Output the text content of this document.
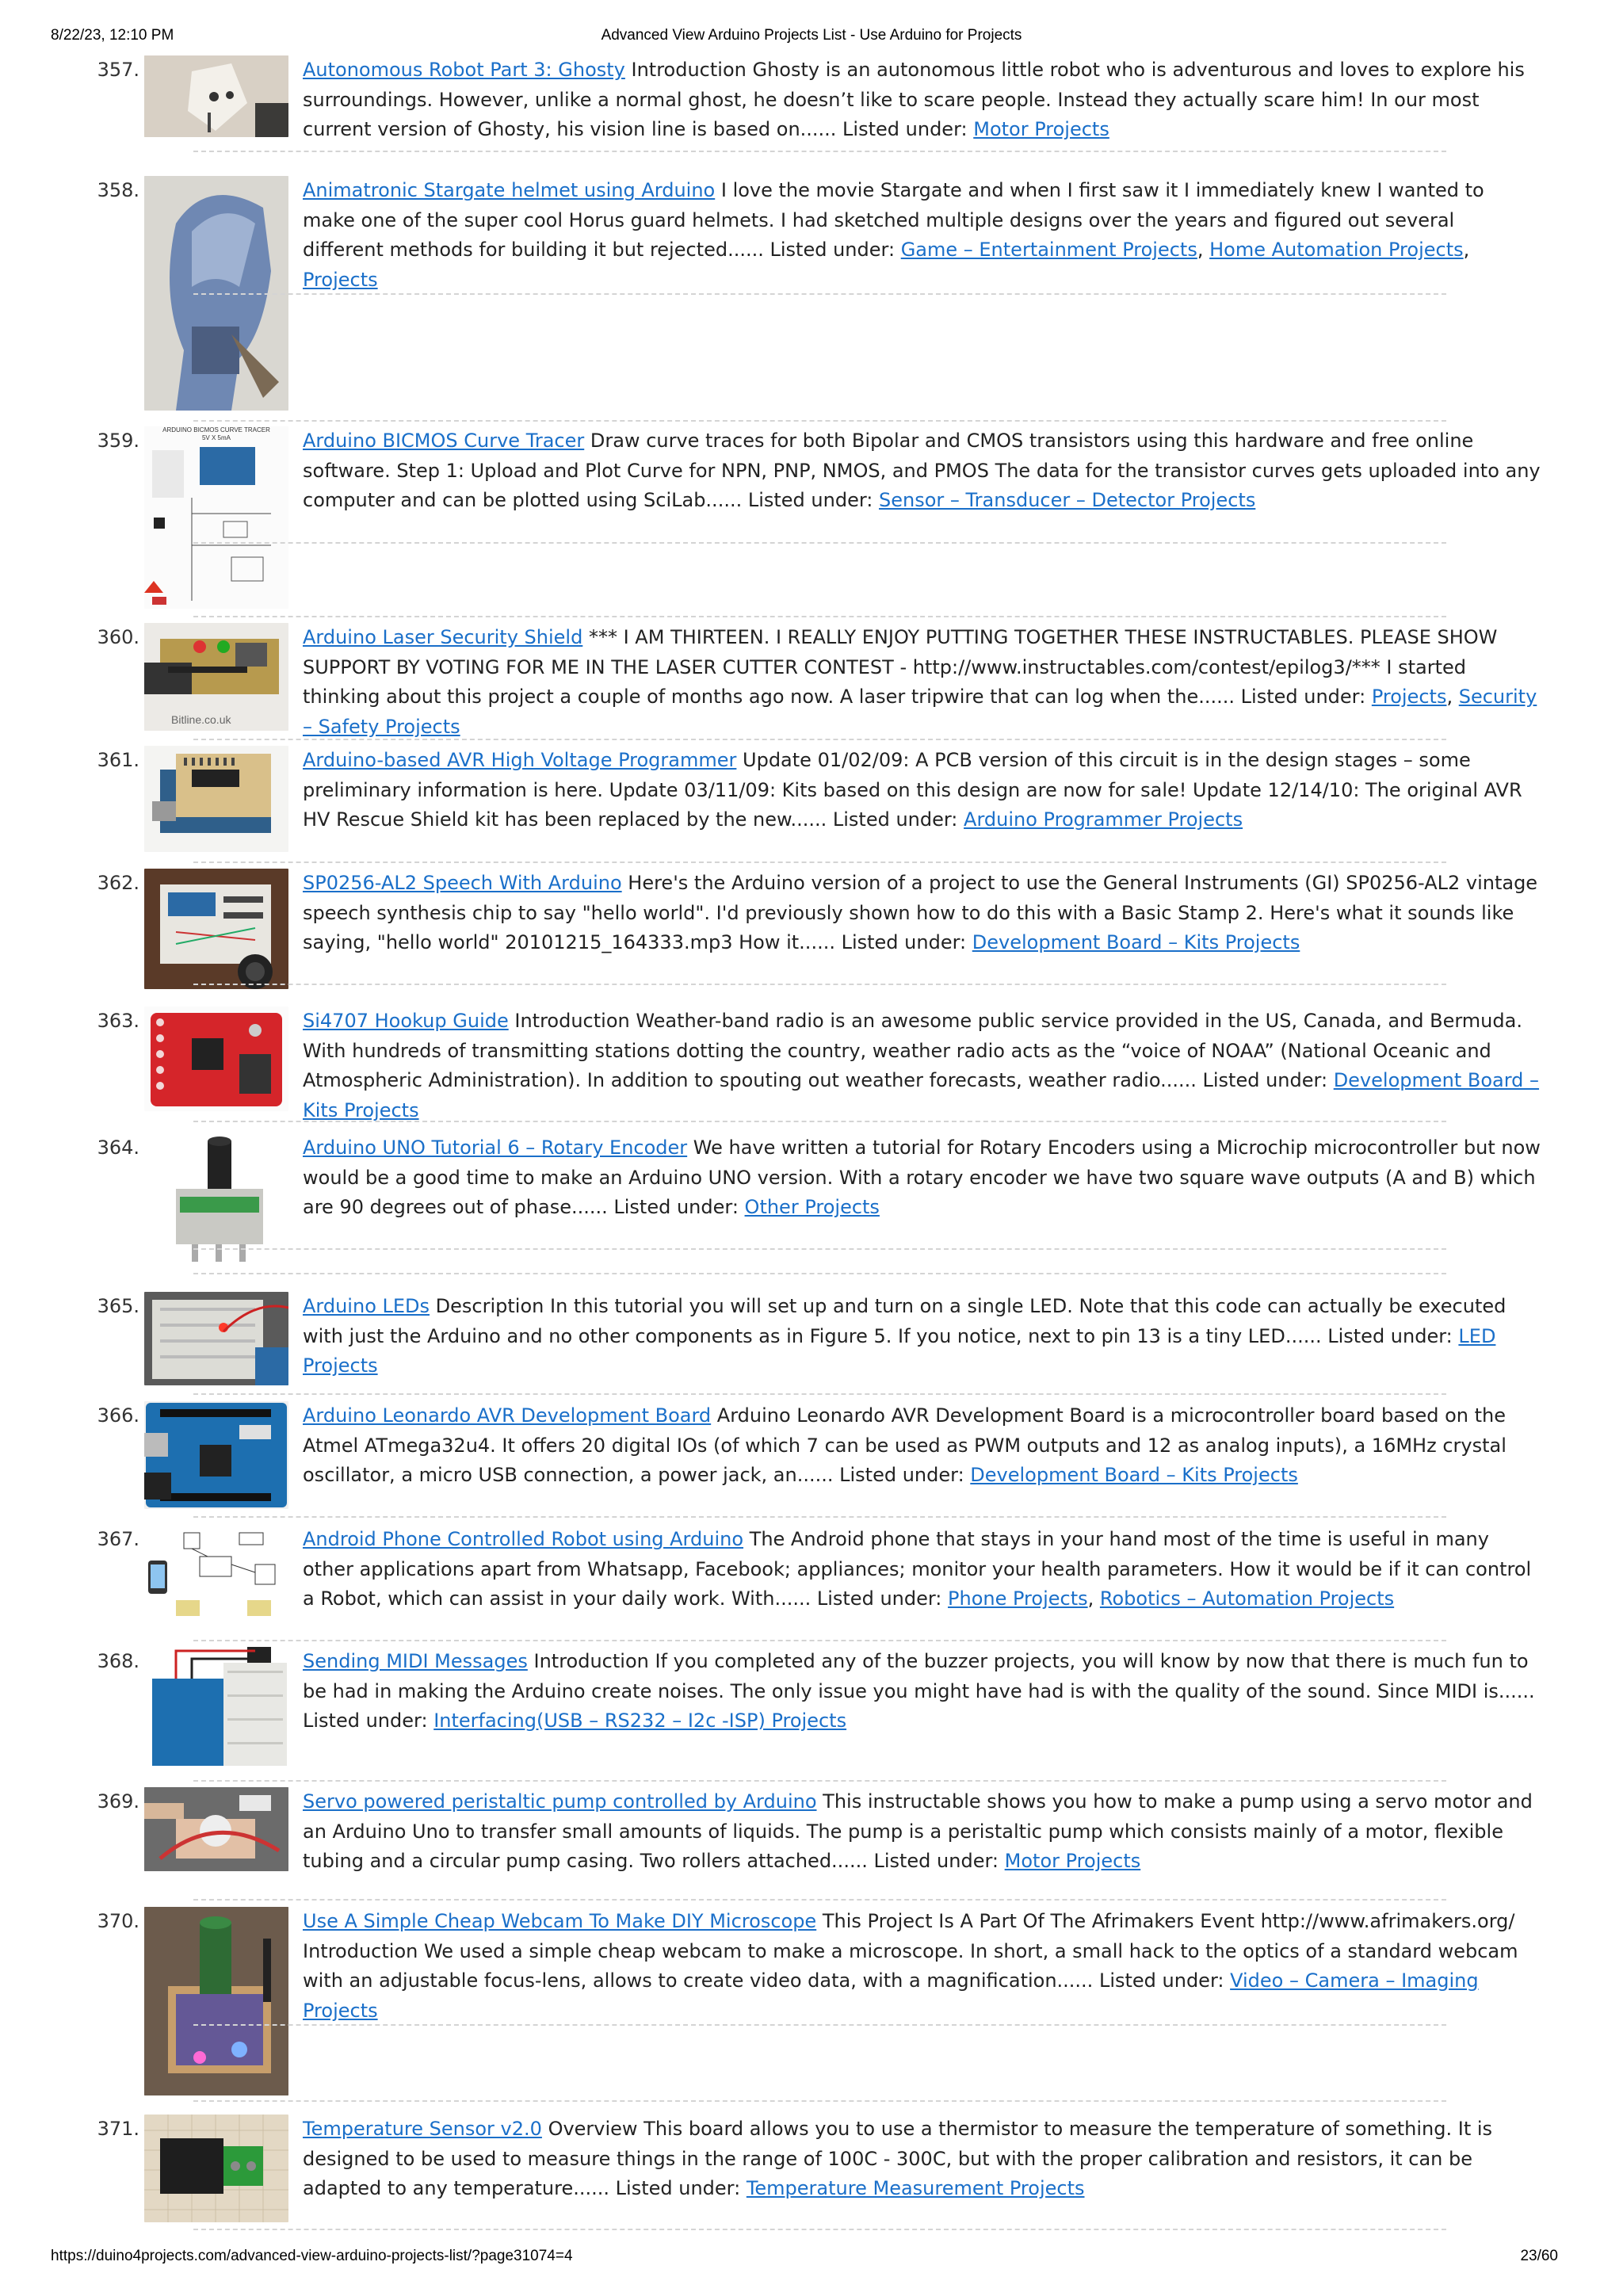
8/22/23, 12:10 PM	Advanced View Arduino Projects List - Use Arduino for Projects
357.	Autonomous Robot Part 3: Ghosty Introduction Ghosty is an autonomous little robot who is adventurous and loves to explore his surroundings. However, unlike a normal ghost, he doesn’t like to scare people. Instead they actually scare him! In our most current version of Ghosty, his vision line is based on...... Listed under: Motor Projects
358.	Animatronic Stargate helmet using Arduino I love the movie Stargate and when I first saw it I immediately knew I wanted to make one of the super cool Horus guard helmets. I had sketched multiple designs over the years and figured out several different methods for building it but rejected...... Listed under: Game – Entertainment Projects, Home Automation Projects, Projects
359.	ARDUINO BICMOS CURVE TRACER
5V X 5mA	Arduino BICMOS Curve Tracer Draw curve traces for both Bipolar and CMOS transistors using this hardware and free online software. Step 1: Upload and Plot Curve for NPN, PNP, NMOS, and PMOS The data for the transistor curves gets uploaded into any computer and can be plotted using SciLab...... Listed under: Sensor – Transducer – Detector Projects
360.
Bitline.co.uk
Arduino Laser Security Shield *** I AM THIRTEEN. I REALLY ENJOY PUTTING TOGETHER THESE INSTRUCTABLES. PLEASE SHOW SUPPORT BY VOTING FOR ME IN THE LASER CUTTER CONTEST - http://www.instructables.com/contest/epilog3/*** I started thinking about this project a couple of months ago now. A laser tripwire that can log when the...... Listed under: Projects, Security – Safety Projects
361.	Arduino-based AVR High Voltage Programmer Update 01/02/09: A PCB version of this circuit is in the design stages – some preliminary information is here. Update 03/11/09: Kits based on this design are now for sale! Update 12/14/10: The original AVR HV Rescue Shield kit has been replaced by the new...... Listed under: Arduino Programmer Projects
362.	SP0256-AL2 Speech With Arduino Here's the Arduino version of a project to use the General Instruments (GI) SP0256-AL2 vintage speech synthesis chip to say "hello world". I'd previously shown how to do this with a Basic Stamp 2. Here's what it sounds like saying, "hello world" 20101215_164333.mp3 How it...... Listed under: Development Board – Kits Projects
363.	Si4707 Hookup Guide Introduction Weather-band radio is an awesome public service provided in the US, Canada, and Bermuda. With hundreds of transmitting stations dotting the country, weather radio acts as the “voice of NOAA” (National Oceanic and Atmospheric Administration). In addition to spouting out weather forecasts, weather radio...... Listed under: Development Board – Kits Projects
364.	Arduino UNO Tutorial 6 – Rotary Encoder We have written a tutorial for Rotary Encoders using a Microchip microcontroller but now would be a good time to make an Arduino UNO version. With a rotary encoder we have two square wave outputs (A and B) which are 90 degrees out of phase...... Listed under: Other Projects
365.	Arduino LEDs Description In this tutorial you will set up and turn on a single LED. Note that this code can actually be executed with just the Arduino and no other components as in Figure 5. If you notice, next to pin 13 is a tiny LED...... Listed under: LED Projects
366.	Arduino Leonardo AVR Development Board Arduino Leonardo AVR Development Board is a microcontroller board based on the Atmel ATmega32u4. It offers 20 digital IOs (of which 7 can be used as PWM outputs and 12 as analog inputs), a 16MHz crystal oscillator, a micro USB connection, a power jack, an...... Listed under: Development Board – Kits Projects
367.	Android Phone Controlled Robot using Arduino The Android phone that stays in your hand most of the time is useful in many other applications apart from Whatsapp, Facebook; appliances; monitor your health parameters. How it would be if it can control a Robot, which can assist in your daily work. With...... Listed under: Phone Projects, Robotics – Automation Projects
368.	Sending MIDI Messages Introduction If you completed any of the buzzer projects, you will know by now that there is much fun to be had in making the Arduino create noises. The only issue you might have had is with the quality of the sound. Since MIDI is...... Listed under: Interfacing(USB – RS232 – I2c -ISP) Projects
369.	Servo powered peristaltic pump controlled by Arduino This instructable shows you how to make a pump using a servo motor and an Arduino Uno to transfer small amounts of liquids. The pump is a peristaltic pump which consists mainly of a motor, flexible tubing and a circular pump casing. Two rollers attached...... Listed under: Motor Projects
370.	Use A Simple Cheap Webcam To Make DIY Microscope This Project Is A Part Of The Afrimakers Event http://www.afrimakers.org/ Introduction We used a simple cheap webcam to make a microscope. In short, a small hack to the optics of a standard webcam with an adjustable focus-lens, allows to create video data, with a magnification...... Listed under: Video – Camera – Imaging Projects
371.	Temperature Sensor v2.0 Overview This board allows you to use a thermistor to measure the temperature of something. It is designed to be used to measure things in the range of 100C - 300C, but with the proper calibration and resistors, it can be adapted to any temperature...... Listed under: Temperature Measurement Projects
https://duino4projects.com/advanced-view-arduino-projects-list/?page31074=4	23/60
